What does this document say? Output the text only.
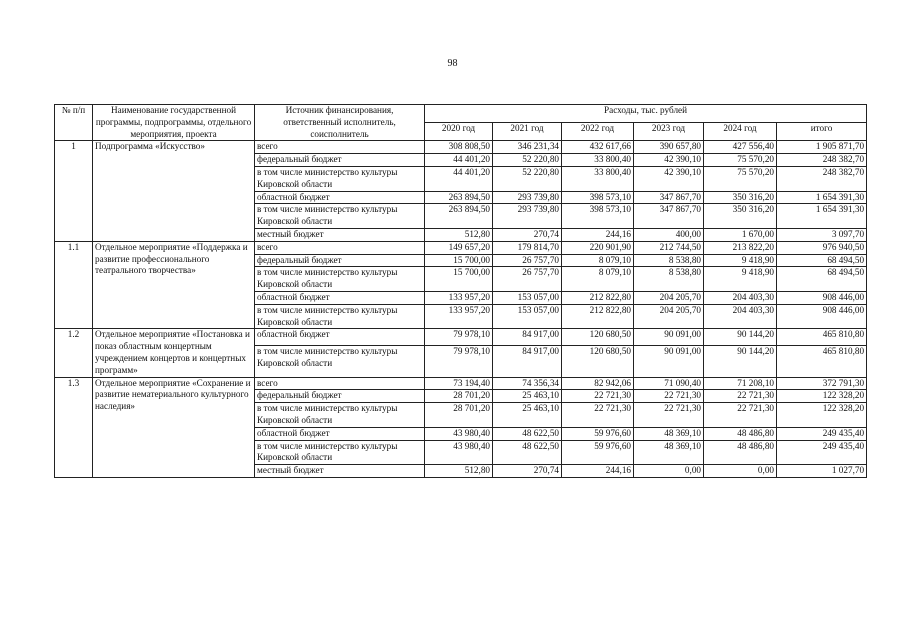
98
№ п/п	Наименование государственной программы, подпрограммы, отдельного мероприятия, проекта	Источник финансирования, ответственный исполнитель, соисполнитель	Расходы, тыс. рублей					
			2020 год	2021 год	2022 год	2023 год	2024 год	итого
1	Подпрограмма «Искусство»	всего	308 808,50	346 231,34	432 617,66	390 657,80	427 556,40	1 905 871,70
		федеральный бюджет	44 401,20	52 220,80	33 800,40	42 390,10	75 570,20	248 382,70
		в том числе министерство культуры Кировской области	44 401,20	52 220,80	33 800,40	42 390,10	75 570,20	248 382,70
		областной бюджет	263 894,50	293 739,80	398 573,10	347 867,70	350 316,20	1 654 391,30
		в том числе министерство культуры Кировской области	263 894,50	293 739,80	398 573,10	347 867,70	350 316,20	1 654 391,30
		местный бюджет	512,80	270,74	244,16	400,00	1 670,00	3 097,70
1.1	Отдельное мероприятие «Поддержка и развитие профессионального театрального творчества»	всего	149 657,20	179 814,70	220 901,90	212 744,50	213 822,20	976 940,50
		федеральный бюджет	15 700,00	26 757,70	8 079,10	8 538,80	9 418,90	68 494,50
		в том числе министерство культуры Кировской области	15 700,00	26 757,70	8 079,10	8 538,80	9 418,90	68 494,50
		областной бюджет	133 957,20	153 057,00	212 822,80	204 205,70	204 403,30	908 446,00
		в том числе министерство культуры Кировской области	133 957,20	153 057,00	212 822,80	204 205,70	204 403,30	908 446,00
1.2	Отдельное мероприятие «Постановка и показ областным концертным учреждением концертов и концертных программ»	областной бюджет	79 978,10	84 917,00	120 680,50	90 091,00	90 144,20	465 810,80
		в том числе министерство культуры Кировской области	79 978,10	84 917,00	120 680,50	90 091,00	90 144,20	465 810,80
1.3	Отдельное мероприятие «Сохранение и развитие нематериального культурного наследия»	всего	73 194,40	74 356,34	82 942,06	71 090,40	71 208,10	372 791,30
		федеральный бюджет	28 701,20	25 463,10	22 721,30	22 721,30	22 721,30	122 328,20
		в том числе министерство культуры Кировской области	28 701,20	25 463,10	22 721,30	22 721,30	22 721,30	122 328,20
		областной бюджет	43 980,40	48 622,50	59 976,60	48 369,10	48 486,80	249 435,40
		в том числе министерство культуры Кировской области	43 980,40	48 622,50	59 976,60	48 369,10	48 486,80	249 435,40
		местный бюджет	512,80	270,74	244,16	0,00	0,00	1 027,70
